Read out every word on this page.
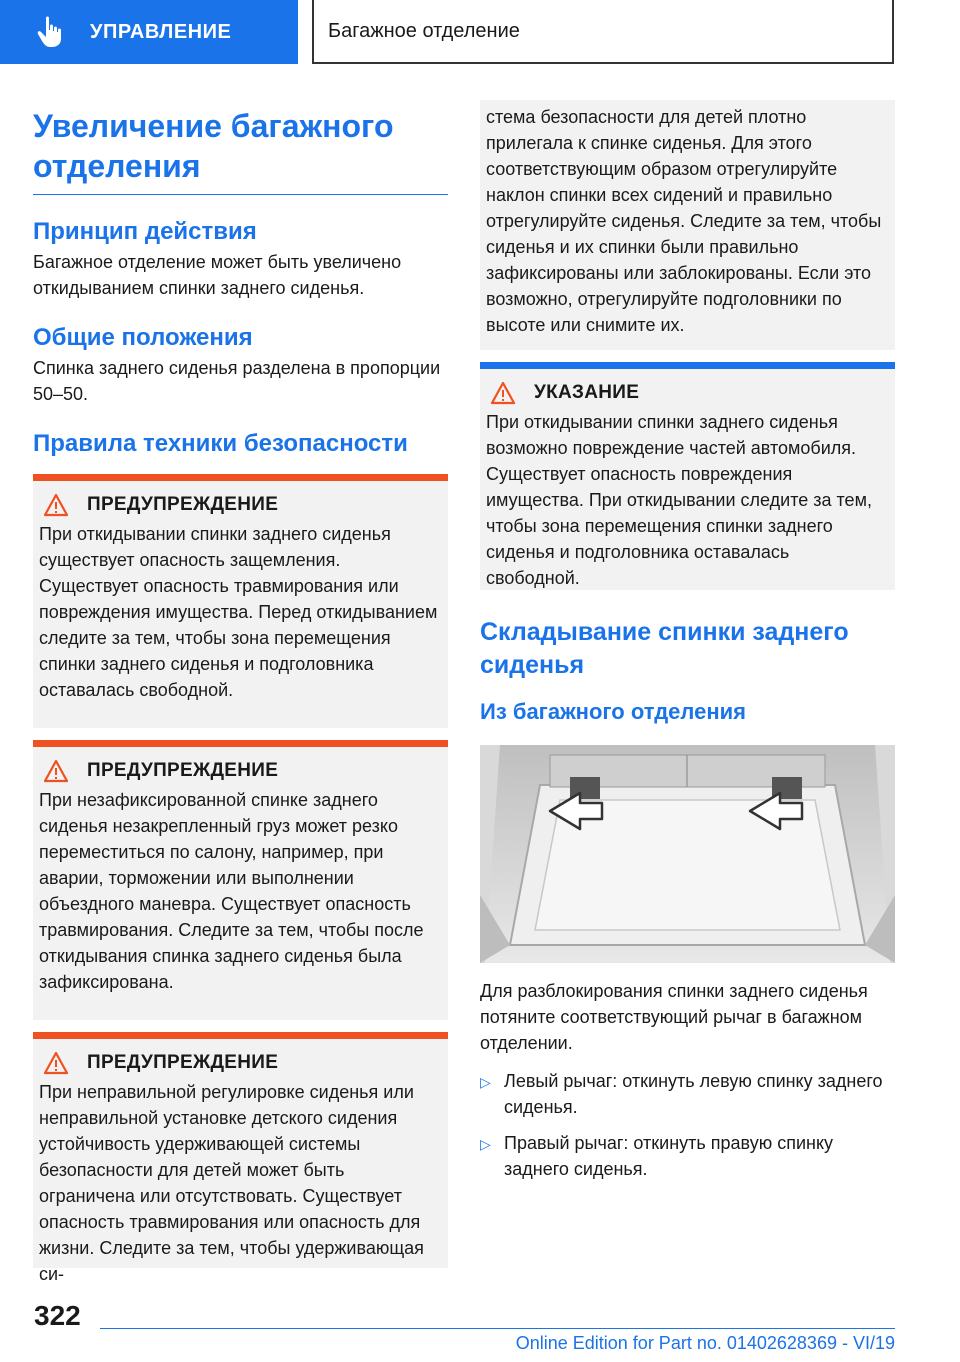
УПРАВЛЕНИЕ	Багажное отделение
Увеличение багажного отделения
Принцип действия

Багажное отделение может быть увеличено откидыванием спинки заднего сиденья.

Общие положения

Спинка заднего сиденья разделена в пропорции 50–50.

Правила техники безопасности
ПРЕДУПРЕЖДЕНИЕ

При откидывании спинки заднего сиденья существует опасность защемления. Существует опасность травмирования или повреждения имущества. Перед откидыванием следите за тем, чтобы зона перемещения спинки заднего сиденья и подголовника оставалась свободной.

ПРЕДУПРЕЖДЕНИЕ

При незафиксированной спинке заднего сиденья незакрепленный груз может резко переместиться по салону, например, при аварии, торможении или выполнении объездного маневра. Существует опасность травмирования. Следите за тем, чтобы после откидывания спинка заднего сиденья была зафиксирована.

ПРЕДУПРЕЖДЕНИЕ

При неправильной регулировке сиденья или неправильной установке детского сидения устойчивость удерживающей системы безопасности для детей может быть ограничена или отсутствовать. Существует опасность травмирования или опасность для жизни. Следите за тем, чтобы удерживающая си-

стема безопасности для детей плотно прилегала к спинке сиденья. Для этого соответствующим образом отрегулируйте наклон спинки всех сидений и правильно отрегулируйте сиденья. Следите за тем, чтобы сиденья и их спинки были правильно зафиксированы или заблокированы. Если это возможно, отрегулируйте подголовники по высоте или снимите их.

УКАЗАНИЕ

При откидывании спинки заднего сиденья возможно повреждение частей автомобиля. Существует опасность повреждения имущества. При откидывании следите за тем, чтобы зона перемещения спинки заднего сиденья и подголовника оставалась свободной.

Складывание спинки заднего сиденья
Из багажного отделения

Для разблокирования спинки заднего сиденья потяните соответствующий рычаг в багажном отделении.

▷ Левый рычаг: откинуть левую спинку заднего сиденья.
▷ Правый рычаг: откинуть правую спинку заднего сиденья.
322
Online Edition for Part no. 01402628369 - VI/19
